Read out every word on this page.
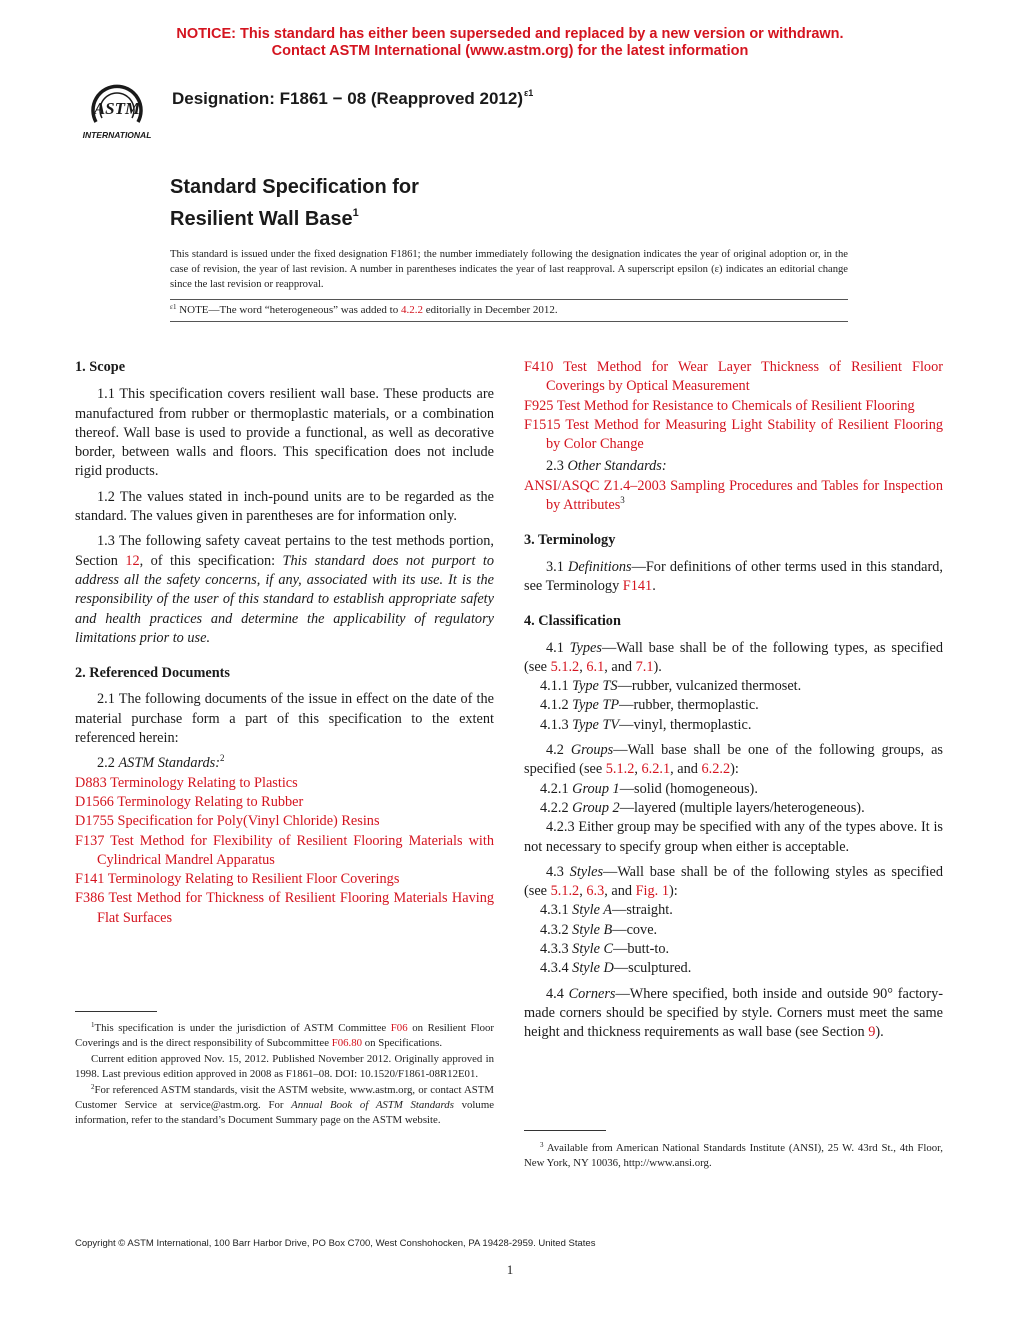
NOTICE: This standard has either been superseded and replaced by a new version or withdrawn.
Contact ASTM International (www.astm.org) for the latest information
ASTM
INTERNATIONAL
Designation: F1861 − 08 (Reapproved 2012)$^{\varepsilon 1}$
Standard Specification for
Resilient Wall Base$^1$
This standard is issued under the fixed designation F1861; the number immediately following the designation indicates the year of original adoption or, in the case of revision, the year of last revision. A number in parentheses indicates the year of last reapproval. A superscript epsilon (ε) indicates an editorial change since the last revision or reapproval.
$^{\varepsilon 1}$ NOTE—The word “heterogeneous” was added to 4.2.2 editorially in December 2012.

1. Scope

1.1 This specification covers resilient wall base. These products are manufactured from rubber or thermoplastic materials, or a combination thereof. Wall base is used to provide a functional, as well as decorative border, between walls and floors. This specification does not include rigid products.

1.2 The values stated in inch-pound units are to be regarded as the standard. The values given in parentheses are for information only.

1.3 The following safety caveat pertains to the test methods portion, Section 12, of this specification: This standard does not purport to address all the safety concerns, if any, associated with its use. It is the responsibility of the user of this standard to establish appropriate safety and health practices and determine the applicability of regulatory limitations prior to use.

2. Referenced Documents

2.1 The following documents of the issue in effect on the date of the material purchase form a part of this specification to the extent referenced herein:

2.2 ASTM Standards:$^2$

D883 Terminology Relating to Plastics

D1566 Terminology Relating to Rubber

D1755 Specification for Poly(Vinyl Chloride) Resins

F137 Test Method for Flexibility of Resilient Flooring Materials with Cylindrical Mandrel Apparatus

F141 Terminology Relating to Resilient Floor Coverings

F386 Test Method for Thickness of Resilient Flooring Materials Having Flat Surfaces

$^1$This specification is under the jurisdiction of ASTM Committee F06 on Resilient Floor Coverings and is the direct responsibility of Subcommittee F06.80 on Specifications.

Current edition approved Nov. 15, 2012. Published November 2012. Originally approved in 1998. Last previous edition approved in 2008 as F1861–08. DOI: 10.1520/F1861-08R12E01.

$^2$For referenced ASTM standards, visit the ASTM website, www.astm.org, or contact ASTM Customer Service at service@astm.org. For Annual Book of ASTM Standards volume information, refer to the standard’s Document Summary page on the ASTM website.

F410 Test Method for Wear Layer Thickness of Resilient Floor Coverings by Optical Measurement

F925 Test Method for Resistance to Chemicals of Resilient Flooring

F1515 Test Method for Measuring Light Stability of Resilient Flooring by Color Change

2.3 Other Standards:

ANSI/ASQC Z1.4–2003 Sampling Procedures and Tables for Inspection by Attributes$^3$

3. Terminology

3.1 Definitions—For definitions of other terms used in this standard, see Terminology F141.

4. Classification

4.1 Types—Wall base shall be of the following types, as specified (see 5.1.2, 6.1, and 7.1).

4.1.1 Type TS—rubber, vulcanized thermoset.

4.1.2 Type TP—rubber, thermoplastic.

4.1.3 Type TV—vinyl, thermoplastic.

4.2 Groups—Wall base shall be one of the following groups, as specified (see 5.1.2, 6.2.1, and 6.2.2):

4.2.1 Group 1—solid (homogeneous).

4.2.2 Group 2—layered (multiple layers/heterogeneous).

4.2.3 Either group may be specified with any of the types above. It is not necessary to specify group when either is acceptable.

4.3 Styles—Wall base shall be of the following styles as specified (see 5.1.2, 6.3, and Fig. 1):

4.3.1 Style A—straight.

4.3.2 Style B—cove.

4.3.3 Style C—butt-to.

4.3.4 Style D—sculptured.

4.4 Corners—Where specified, both inside and outside 90° factory-made corners should be specified by style. Corners must meet the same height and thickness requirements as wall base (see Section 9).

$^3$ Available from American National Standards Institute (ANSI), 25 W. 43rd St., 4th Floor, New York, NY 10036, http://www.ansi.org.

Copyright © ASTM International, 100 Barr Harbor Drive, PO Box C700, West Conshohocken, PA 19428-2959. United States
1
